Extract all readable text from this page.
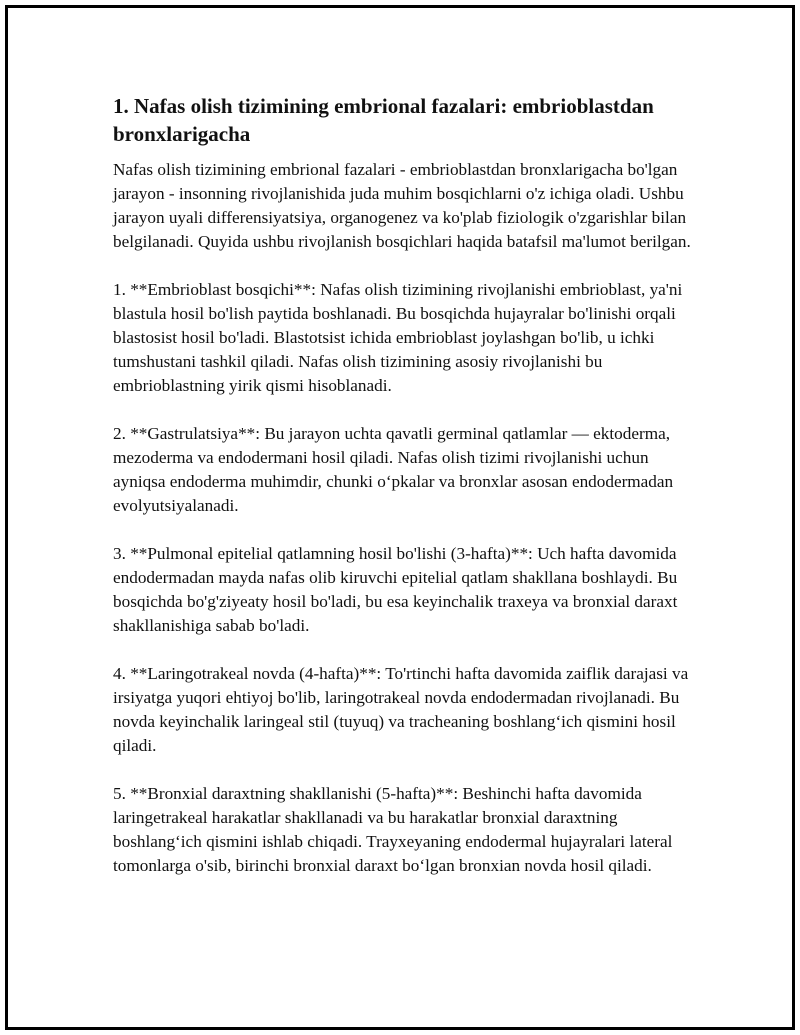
1. Nafas olish tizimining embrional fazalari: embrioblastdan bronxlarigacha

Nafas olish tizimining embrional fazalari - embrioblastdan bronxlarigacha bo'lgan jarayon - insonning rivojlanishida juda muhim bosqichlarni o'z ichiga oladi. Ushbu jarayon uyali differensiyatsiya, organogenez va ko'plab fiziologik o'zgarishlar bilan belgilanadi. Quyida ushbu rivojlanish bosqichlari haqida batafsil ma'lumot berilgan.

1. **Embrioblast bosqichi**: Nafas olish tizimining rivojlanishi embrioblast, ya'ni blastula hosil bo'lish paytida boshlanadi. Bu bosqichda hujayralar bo'linishi orqali blastosist hosil bo'ladi. Blastotsist ichida embrioblast joylashgan bo'lib, u ichki tumshustani tashkil qiladi. Nafas olish tizimining asosiy rivojlanishi bu embrioblastning yirik qismi hisoblanadi.

2. **Gastrulatsiya**: Bu jarayon uchta qavatli germinal qatlamlar — ektoderma, mezoderma va endodermani hosil qiladi. Nafas olish tizimi rivojlanishi uchun ayniqsa endoderma muhimdir, chunki o‘pkalar va bronxlar asosan endodermadan evolyutsiyalanadi.

3. **Pulmonal epitelial qatlamning hosil bo'lishi (3-hafta)**: Uch hafta davomida endodermadan mayda nafas olib kiruvchi epitelial qatlam shakllana boshlaydi. Bu bosqichda bo'g'ziyeaty hosil bo'ladi, bu esa keyinchalik traxeya va bronxial daraxt shakllanishiga sabab bo'ladi.

4. **Laringotrakeal novda (4-hafta)**: To'rtinchi hafta davomida zaiflik darajasi va irsiyatga yuqori ehtiyoj bo'lib, laringotrakeal novda endodermadan rivojlanadi. Bu novda keyinchalik laringeal stil (tuyuq) va tracheaning boshlang‘ich qismini hosil qiladi.

5. **Bronxial daraxtning shakllanishi (5-hafta)**: Beshinchi hafta davomida laringetrakeal harakatlar shakllanadi va bu harakatlar bronxial daraxtning boshlang‘ich qismini ishlab chiqadi. Trayxeyaning endodermal hujayralari lateral tomonlarga o'sib, birinchi bronxial daraxt bo‘lgan bronxian novda hosil qiladi.
